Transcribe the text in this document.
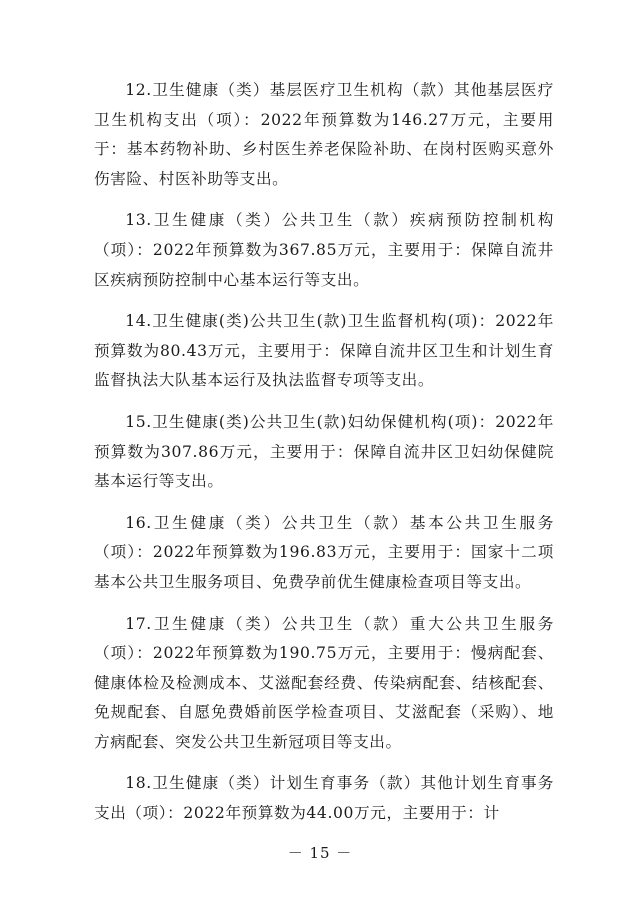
12.卫生健康（类）基层医疗卫生机构（款）其他基层医疗卫生机构支出（项）：2022年预算数为146.27万元，主要用于：基本药物补助、乡村医生养老保险补助、在岗村医购买意外伤害险、村医补助等支出。

13.卫生健康（类）公共卫生（款）疾病预防控制机构（项）：2022年预算数为367.85万元，主要用于：保障自流井区疾病预防控制中心基本运行等支出。

14.卫生健康(类)公共卫生(款)卫生监督机构(项)：2022年预算数为80.43万元，主要用于：保障自流井区卫生和计划生育监督执法大队基本运行及执法监督专项等支出。

15.卫生健康(类)公共卫生(款)妇幼保健机构(项)：2022年预算数为307.86万元，主要用于：保障自流井区卫妇幼保健院基本运行等支出。

16.卫生健康（类）公共卫生（款）基本公共卫生服务（项）：2022年预算数为196.83万元，主要用于：国家十二项基本公共卫生服务项目、免费孕前优生健康检查项目等支出。

17.卫生健康（类）公共卫生（款）重大公共卫生服务（项）：2022年预算数为190.75万元，主要用于：慢病配套、健康体检及检测成本、艾滋配套经费、传染病配套、结核配套、免规配套、自愿免费婚前医学检查项目、艾滋配套（采购）、地方病配套、突发公共卫生新冠项目等支出。

18.卫生健康（类）计划生育事务（款）其他计划生育事务支出（项）：2022年预算数为44.00万元，主要用于：计

－ 15 －
